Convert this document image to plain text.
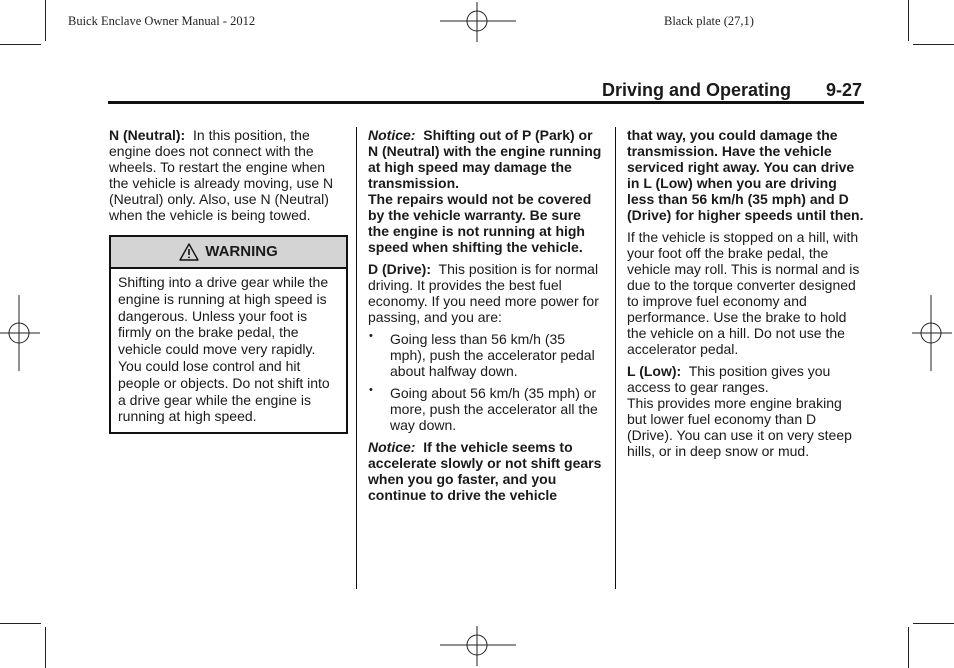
Buick Enclave Owner Manual - 2012	Black plate (27,1)
Driving and Operating 9-27

N (Neutral): In this position, the engine does not connect with the wheels. To restart the engine when the vehicle is already moving, use N (Neutral) only. Also, use N (Neutral) when the vehicle is being towed.

WARNING
Shifting into a drive gear while the engine is running at high speed is dangerous. Unless your foot is firmly on the brake pedal, the vehicle could move very rapidly. You could lose control and hit people or objects. Do not shift into a drive gear while the engine is running at high speed.

Notice: Shifting out of P (Park) or N (Neutral) with the engine running at high speed may damage the transmission.

The repairs would not be covered by the vehicle warranty. Be sure the engine is not running at high speed when shifting the vehicle.

D (Drive): This position is for normal driving. It provides the best fuel economy. If you need more power for passing, and you are:

• Going less than 56 km/h (35 mph), push the accelerator pedal about halfway down.
• Going about 56 km/h (35 mph) or more, push the accelerator all the way down.

Notice: If the vehicle seems to accelerate slowly or not shift gears when you go faster, and you continue to drive the vehicle

that way, you could damage the transmission. Have the vehicle serviced right away. You can drive in L (Low) when you are driving less than 56 km/h (35 mph) and D (Drive) for higher speeds until then.

If the vehicle is stopped on a hill, with your foot off the brake pedal, the vehicle may roll. This is normal and is due to the torque converter designed to improve fuel economy and performance. Use the brake to hold the vehicle on a hill. Do not use the accelerator pedal.

L (Low): This position gives you access to gear ranges.

This provides more engine braking but lower fuel economy than D (Drive). You can use it on very steep hills, or in deep snow or mud.
